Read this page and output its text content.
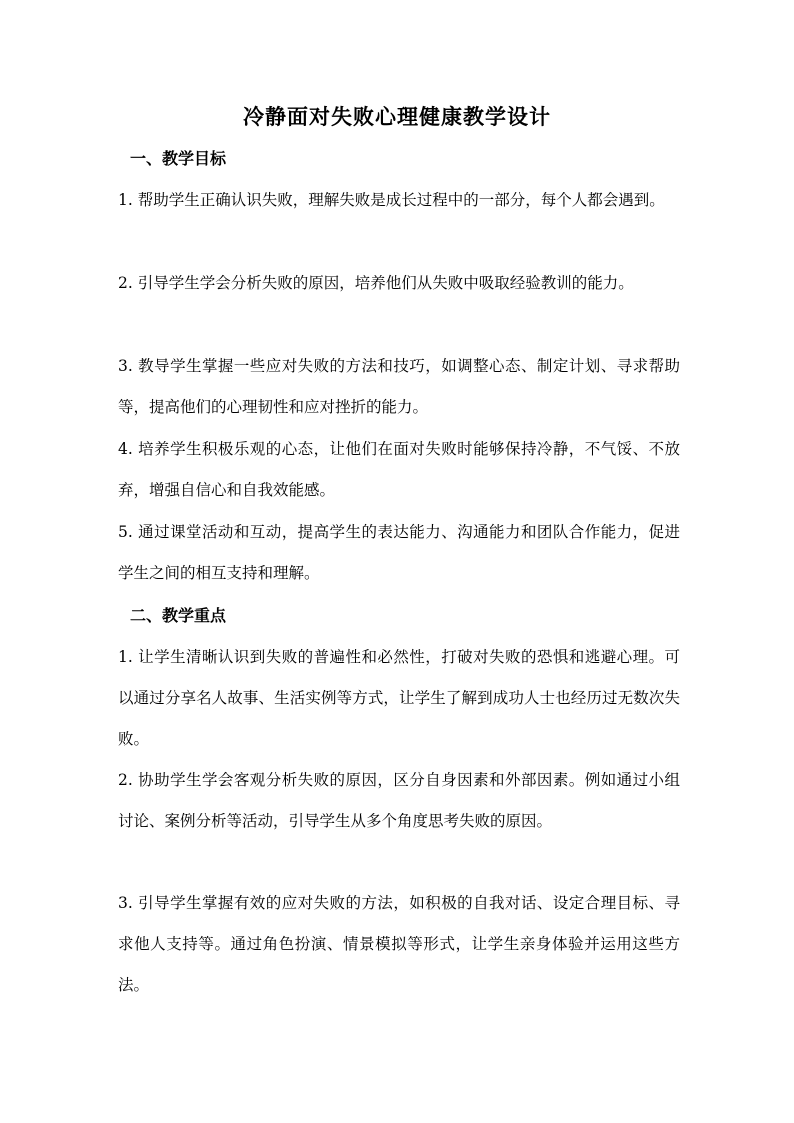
冷静面对失败心理健康教学设计
一、教学目标
1. 帮助学生正确认识失败，理解失败是成长过程中的一部分，每个人都会遇到。
2. 引导学生学会分析失败的原因，培养他们从失败中吸取经验教训的能力。
3. 教导学生掌握一些应对失败的方法和技巧，如调整心态、制定计划、寻求帮助等，提高他们的心理韧性和应对挫折的能力。
4. 培养学生积极乐观的心态，让他们在面对失败时能够保持冷静，不气馁、不放弃，增强自信心和自我效能感。
5. 通过课堂活动和互动，提高学生的表达能力、沟通能力和团队合作能力，促进学生之间的相互支持和理解。
二、教学重点
1. 让学生清晰认识到失败的普遍性和必然性，打破对失败的恐惧和逃避心理。可以通过分享名人故事、生活实例等方式，让学生了解到成功人士也经历过无数次失败。
2. 协助学生学会客观分析失败的原因，区分自身因素和外部因素。例如通过小组讨论、案例分析等活动，引导学生从多个角度思考失败的原因。
3. 引导学生掌握有效的应对失败的方法，如积极的自我对话、设定合理目标、寻求他人支持等。通过角色扮演、情景模拟等形式，让学生亲身体验并运用这些方法。
